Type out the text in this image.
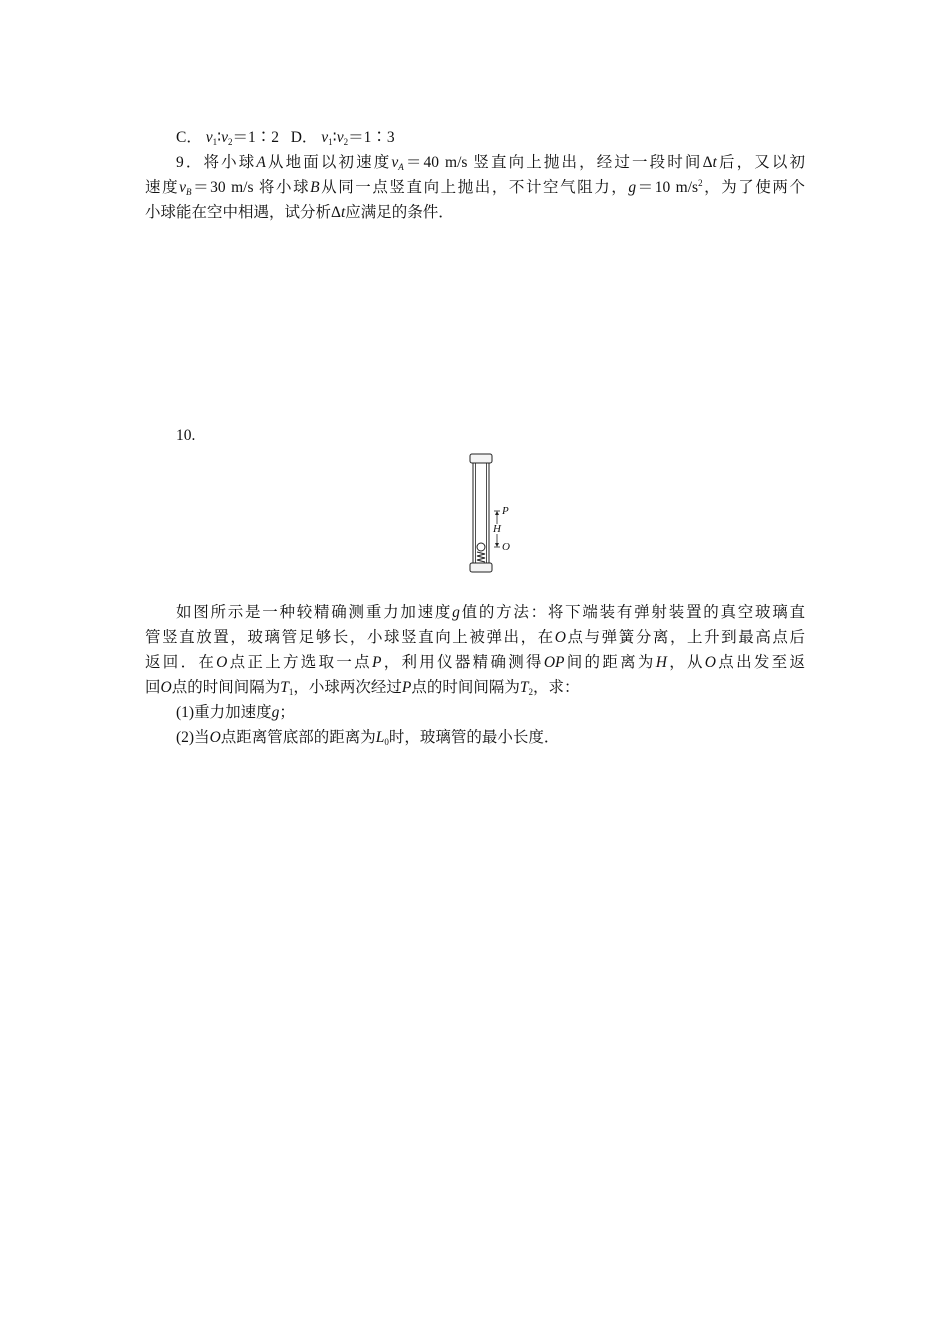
C． $v_1∶v_2=1∶2$ D． $v_1∶v_2=1∶3$
9．将小球A从地面以初速度$v_A=40$ m/s 竖直向上抛出，经过一段时间Δt后，又以初
速度$v_B=30$ m/s 将小球B从同一点竖直向上抛出，不计空气阻力，g＝10 $m/s^2$，为了使两个
小球能在空中相遇，试分析Δt应满足的条件．
10.
P
H
O
如图所示是一种较精确测重力加速度g值的方法：将下端装有弹射装置的真空玻璃直
管竖直放置，玻璃管足够长，小球竖直向上被弹出，在O点与弹簧分离，上升到最高点后
返回．在O点正上方选取一点P，利用仪器精确测得OP间的距离为H，从O点出发至返
回O点的时间间隔为$T_1$，小球两次经过P点的时间间隔为$T_2$，求：
(1)重力加速度g；
(2)当O点距离管底部的距离为$L_0$时，玻璃管的最小长度．
